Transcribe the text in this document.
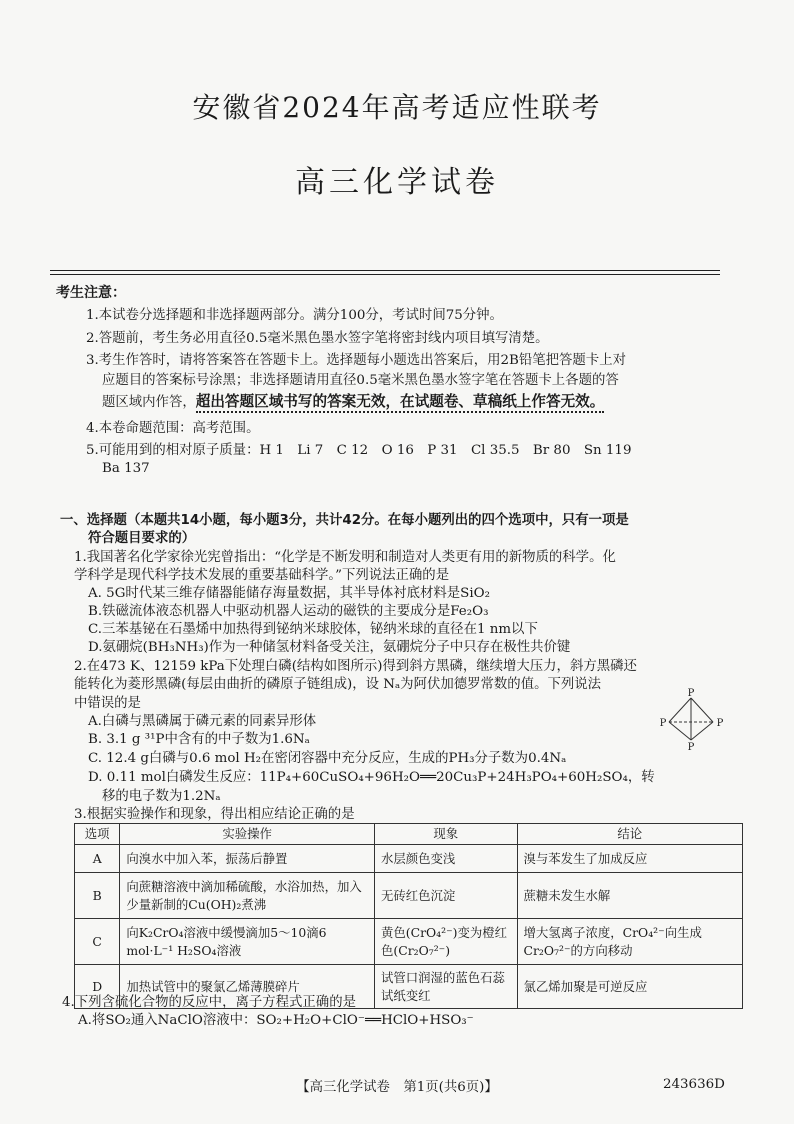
安徽省2024年高考适应性联考
高三化学试卷
考生注意：
1.本试卷分选择题和非选择题两部分。满分100分，考试时间75分钟。
2.答题前，考生务必用直径0.5毫米黑色墨水签字笔将密封线内项目填写清楚。
3.考生作答时，请将答案答在答题卡上。选择题每小题选出答案后，用2B铅笔把答题卡上对
应题目的答案标号涂黑；非选择题请用直径0.5毫米黑色墨水签字笔在答题卡上各题的答
题区域内作答，超出答题区域书写的答案无效，在试题卷、草稿纸上作答无效。
4.本卷命题范围：高考范围。
5.可能用到的相对原子质量：H 1　Li 7　C 12　O 16　P 31　Cl 35.5　Br 80　Sn 119
Ba 137
一、选择题（本题共14小题，每小题3分，共计42分。在每小题列出的四个选项中，只有一项是
符合题目要求的）
1.我国著名化学家徐光宪曾指出：“化学是不断发明和制造对人类更有用的新物质的科学。化
学科学是现代科学技术发展的重要基础科学。”下列说法正确的是
A. 5G时代某三维存储器能储存海量数据，其半导体衬底材料是SiO₂
B.铁磁流体液态机器人中驱动机器人运动的磁铁的主要成分是Fe₂O₃
C.三苯基铋在石墨烯中加热得到铋纳米球胶体，铋纳米球的直径在1 nm以下
D.氨硼烷(BH₃NH₃)作为一种储氢材料备受关注，氨硼烷分子中只存在极性共价键
2.在473 K、12159 kPa下处理白磷(结构如图所示)得到斜方黑磷，继续增大压力，斜方黑磷还
能转化为菱形黑磷(每层由曲折的磷原子链组成)，设 Nₐ为阿伏加德罗常数的值。下列说法
中错误的是
A.白磷与黑磷属于磷元素的同素异形体
B. 3.1 g ³¹P中含有的中子数为1.6Nₐ
C. 12.4 g白磷与0.6 mol H₂在密闭容器中充分反应，生成的PH₃分子数为0.4Nₐ
D. 0.11 mol白磷发生反应：11P₄+60CuSO₄+96H₂O══20Cu₃P+24H₃PO₄+60H₂SO₄，转
移的电子数为1.2Nₐ
P
P	P
P
3.根据实验操作和现象，得出相应结论正确的是
选项	实验操作	现象	结论
A	向溴水中加入苯，振荡后静置	水层颜色变浅	溴与苯发生了加成反应
B	向蔗糖溶液中滴加稀硫酸，水浴加热，加入少量新制的Cu(OH)₂煮沸	无砖红色沉淀	蔗糖未发生水解
C	向K₂CrO₄溶液中缓慢滴加5～10滴6 mol·L⁻¹ H₂SO₄溶液	黄色(CrO₄²⁻)变为橙红色(Cr₂O₇²⁻)	增大氢离子浓度，CrO₄²⁻向生成Cr₂O₇²⁻的方向移动
D	加热试管中的聚氯乙烯薄膜碎片	试管口润湿的蓝色石蕊试纸变红	氯乙烯加聚是可逆反应
4.下列含硫化合物的反应中，离子方程式正确的是
A.将SO₂通入NaClO溶液中：SO₂+H₂O+ClO⁻══HClO+HSO₃⁻
【高三化学试卷　第1页(共6页)】	243636D
